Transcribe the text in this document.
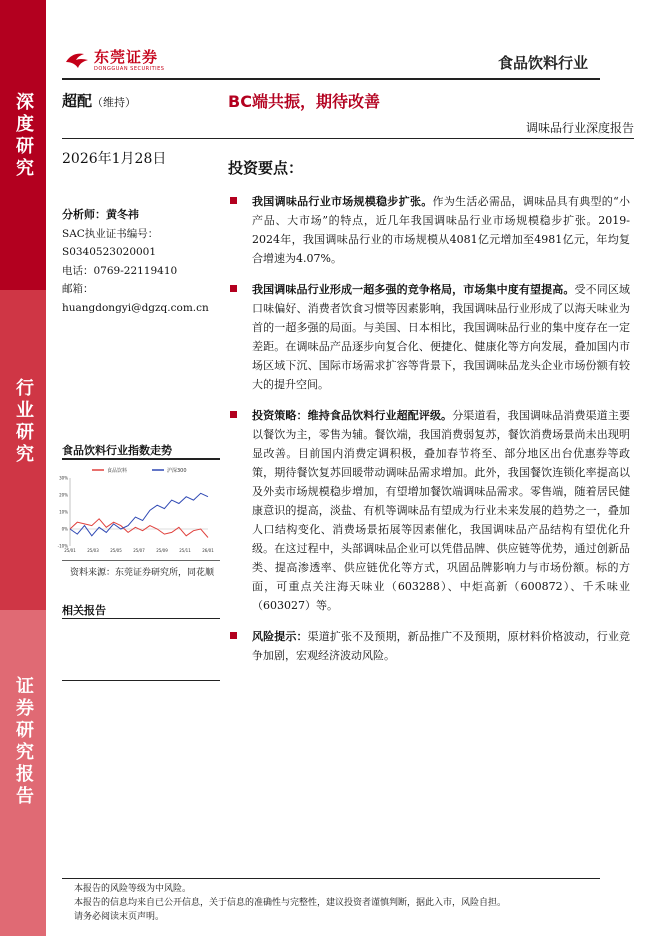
深度研究
行业研究
证券研究报告
东莞证券
DONGGUAN SECURITIES	食品饮料行业
超配（维持）	BC端共振，期待改善
调味品行业深度报告
2026年1月28日
分析师：黄冬祎
SAC执业证书编号：
S0340523020001
电话：0769-22119410
邮箱：
huangdongyi@dgzq.com.cn
食品饮料行业指数走势
食品饮料	沪深300
30%
20%
10%
0%
-10%
25/01	25/03	25/05	25/07	25/09	25/11	26/01
资料来源：东莞证券研究所，同花顺
相关报告
投资要点：
我国调味品行业市场规模稳步扩张。作为生活必需品，调味品具有典型的“小产品、大市场”的特点，近几年我国调味品行业市场规模稳步扩张。2019-2024年，我国调味品行业的市场规模从4081亿元增加至4981亿元，年均复合增速为4.07%。
我国调味品行业形成一超多强的竞争格局，市场集中度有望提高。受不同区域口味偏好、消费者饮食习惯等因素影响，我国调味品行业形成了以海天味业为首的一超多强的局面。与美国、日本相比，我国调味品行业的集中度存在一定差距。在调味品产品逐步向复合化、便捷化、健康化等方向发展，叠加国内市场区域下沉、国际市场需求扩容等背景下，我国调味品龙头企业市场份额有较大的提升空间。
投资策略：维持食品饮料行业超配评级。分渠道看，我国调味品消费渠道主要以餐饮为主，零售为辅。餐饮端，我国消费弱复苏，餐饮消费场景尚未出现明显改善。目前国内消费定调积极，叠加春节将至、部分地区出台优惠券等政策，期待餐饮复苏回暖带动调味品需求增加。此外，我国餐饮连锁化率提高以及外卖市场规模稳步增加，有望增加餐饮端调味品需求。零售端，随着居民健康意识的提高，淡盐、有机等调味品有望成为行业未来发展的趋势之一，叠加人口结构变化、消费场景拓展等因素催化，我国调味品产品结构有望优化升级。在这过程中，头部调味品企业可以凭借品牌、供应链等优势，通过创新品类、提高渗透率、供应链优化等方式，巩固品牌影响力与市场份额。标的方面，可重点关注海天味业（603288）、中炬高新（600872）、千禾味业（603027）等。
风险提示：渠道扩张不及预期，新品推广不及预期，原材料价格波动，行业竞争加剧，宏观经济波动风险。
本报告的风险等级为中风险。
本报告的信息均来自已公开信息，关于信息的准确性与完整性，建议投资者谨慎判断，据此入市，风险自担。
请务必阅读末页声明。
